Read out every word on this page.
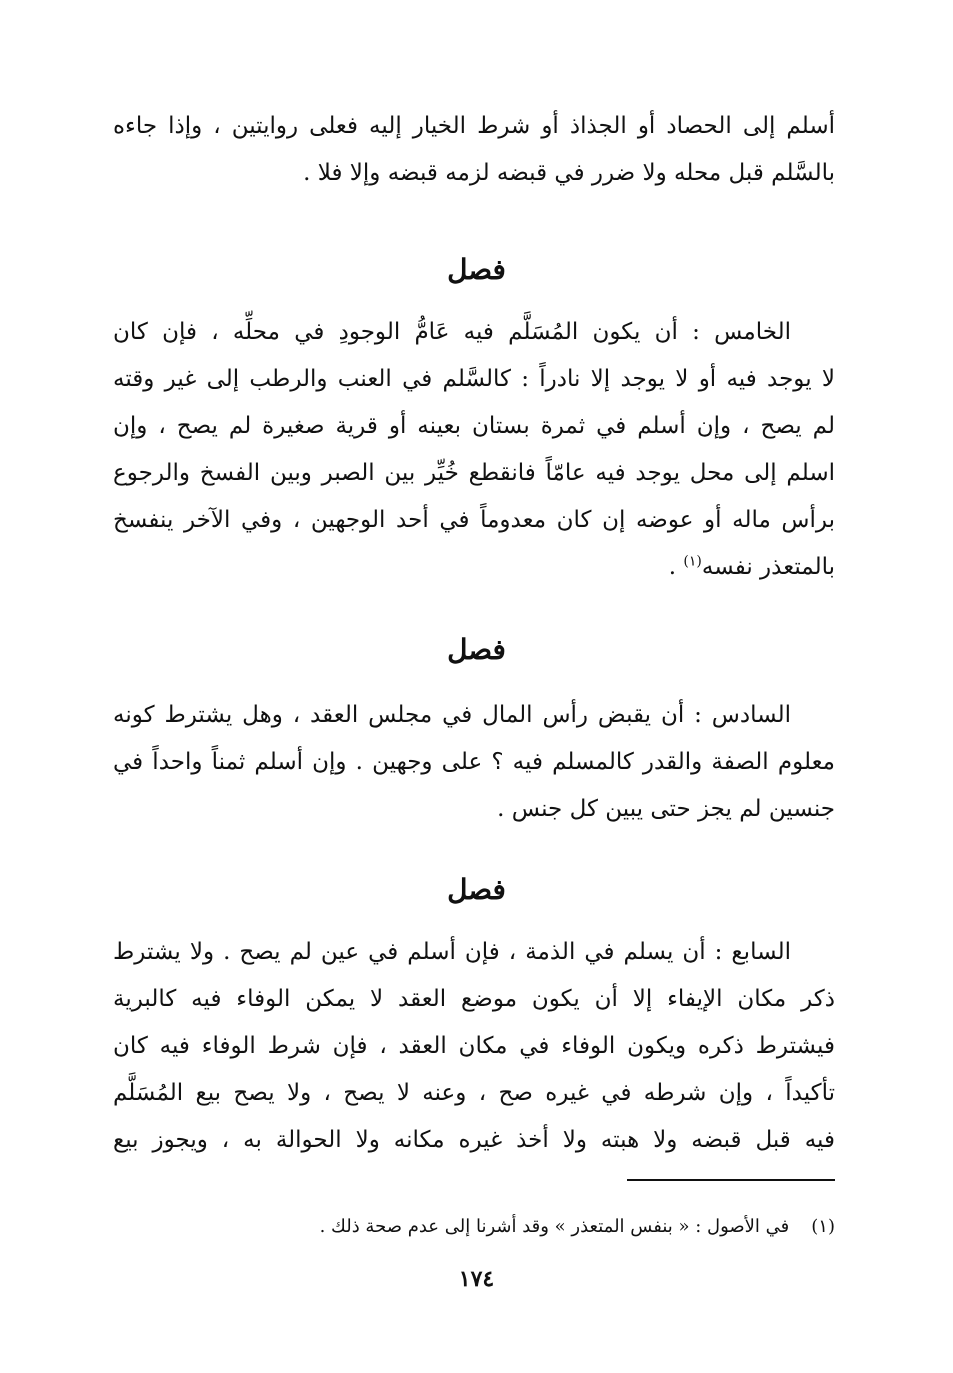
أسلم إلى الحصاد أو الجذاذ أو شرط الخيار إليه فعلى روايتين ، وإذا جاءه
بالسَّلم قبل محله ولا ضرر في قبضه لزمه قبضه وإلا فلا .
فصل
الخامس : أن يكون المُسَلَّم فيه عَامُّ الوجودِ في محلِّه ، فإن كان
لا يوجد فيه أو لا يوجد إلا نادراً : كالسَّلم في العنب والرطب إلى غير وقته
لم يصح ، وإن أسلم في ثمرة بستان بعينه أو قرية صغيرة لم يصح ، وإن
اسلم إلى محل يوجد فيه عامّاً فانقطع خُيِّر بين الصبر وبين الفسخ والرجوع
برأس ماله أو عوضه إن كان معدوماً في أحد الوجهين ، وفي الآخر ينفسخ
بالمتعذر نفسه$^{(١)}$ .
فصل
السادس : أن يقبض رأس المال في مجلس العقد ، وهل يشترط كونه
معلوم الصفة والقدر كالمسلم فيه ؟ على وجهين . وإن أسلم ثمناً واحداً في
جنسين لم يجز حتى يبين كل جنس .
فصل
السابع : أن يسلم في الذمة ، فإن أسلم في عين لم يصح . ولا يشترط
ذكر مكان الإيفاء إلا أن يكون موضع العقد لا يمكن الوفاء فيه كالبرية
فيشترط ذكره ويكون الوفاء في مكان العقد ، فإن شرط الوفاء فيه كان
تأكيداً ، وإن شرطه في غيره صح ، وعنه لا يصح ، ولا يصح بيع المُسَلَّم
فيه قبل قبضه ولا هبته ولا أخذ غيره مكانه ولا الحوالة به ، ويجوز بيع
(١)في الأصول : « بنفس المتعذر » وقد أشرنا إلى عدم صحة ذلك .
١٧٤
